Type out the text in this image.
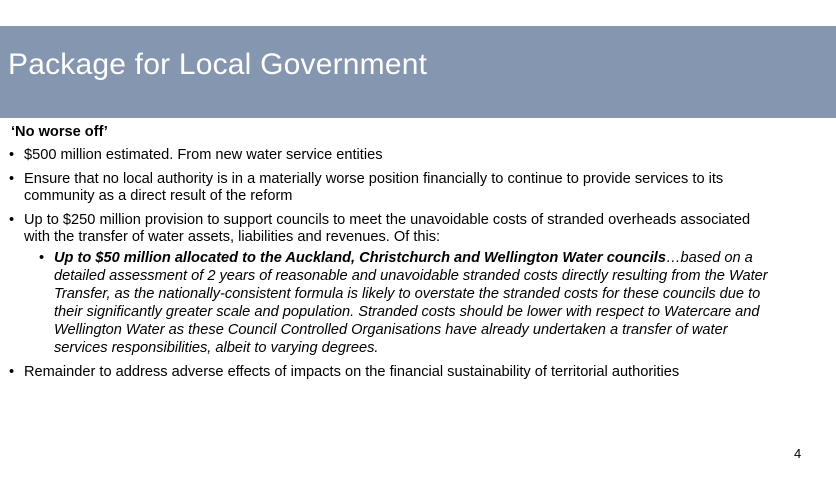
Package for Local Government
‘No worse off’
• $500 million estimated. From new water service entities
• Ensure that no local authority is in a materially worse position financially to continue to provide services to its community as a direct result of the reform
• Up to $250 million provision to support councils to meet the unavoidable costs of stranded overheads associated with the transfer of water assets, liabilities and revenues. Of this:
• Up to $50 million allocated to the Auckland, Christchurch and Wellington Water councils…based on a detailed assessment of 2 years of reasonable and unavoidable stranded costs directly resulting from the Water Transfer, as the nationally-consistent formula is likely to overstate the stranded costs for these councils due to their significantly greater scale and population. Stranded costs should be lower with respect to Watercare and Wellington Water as these Council Controlled Organisations have already undertaken a transfer of water services responsibilities, albeit to varying degrees.
• Remainder to address adverse effects of impacts on the financial sustainability of territorial authorities
4
